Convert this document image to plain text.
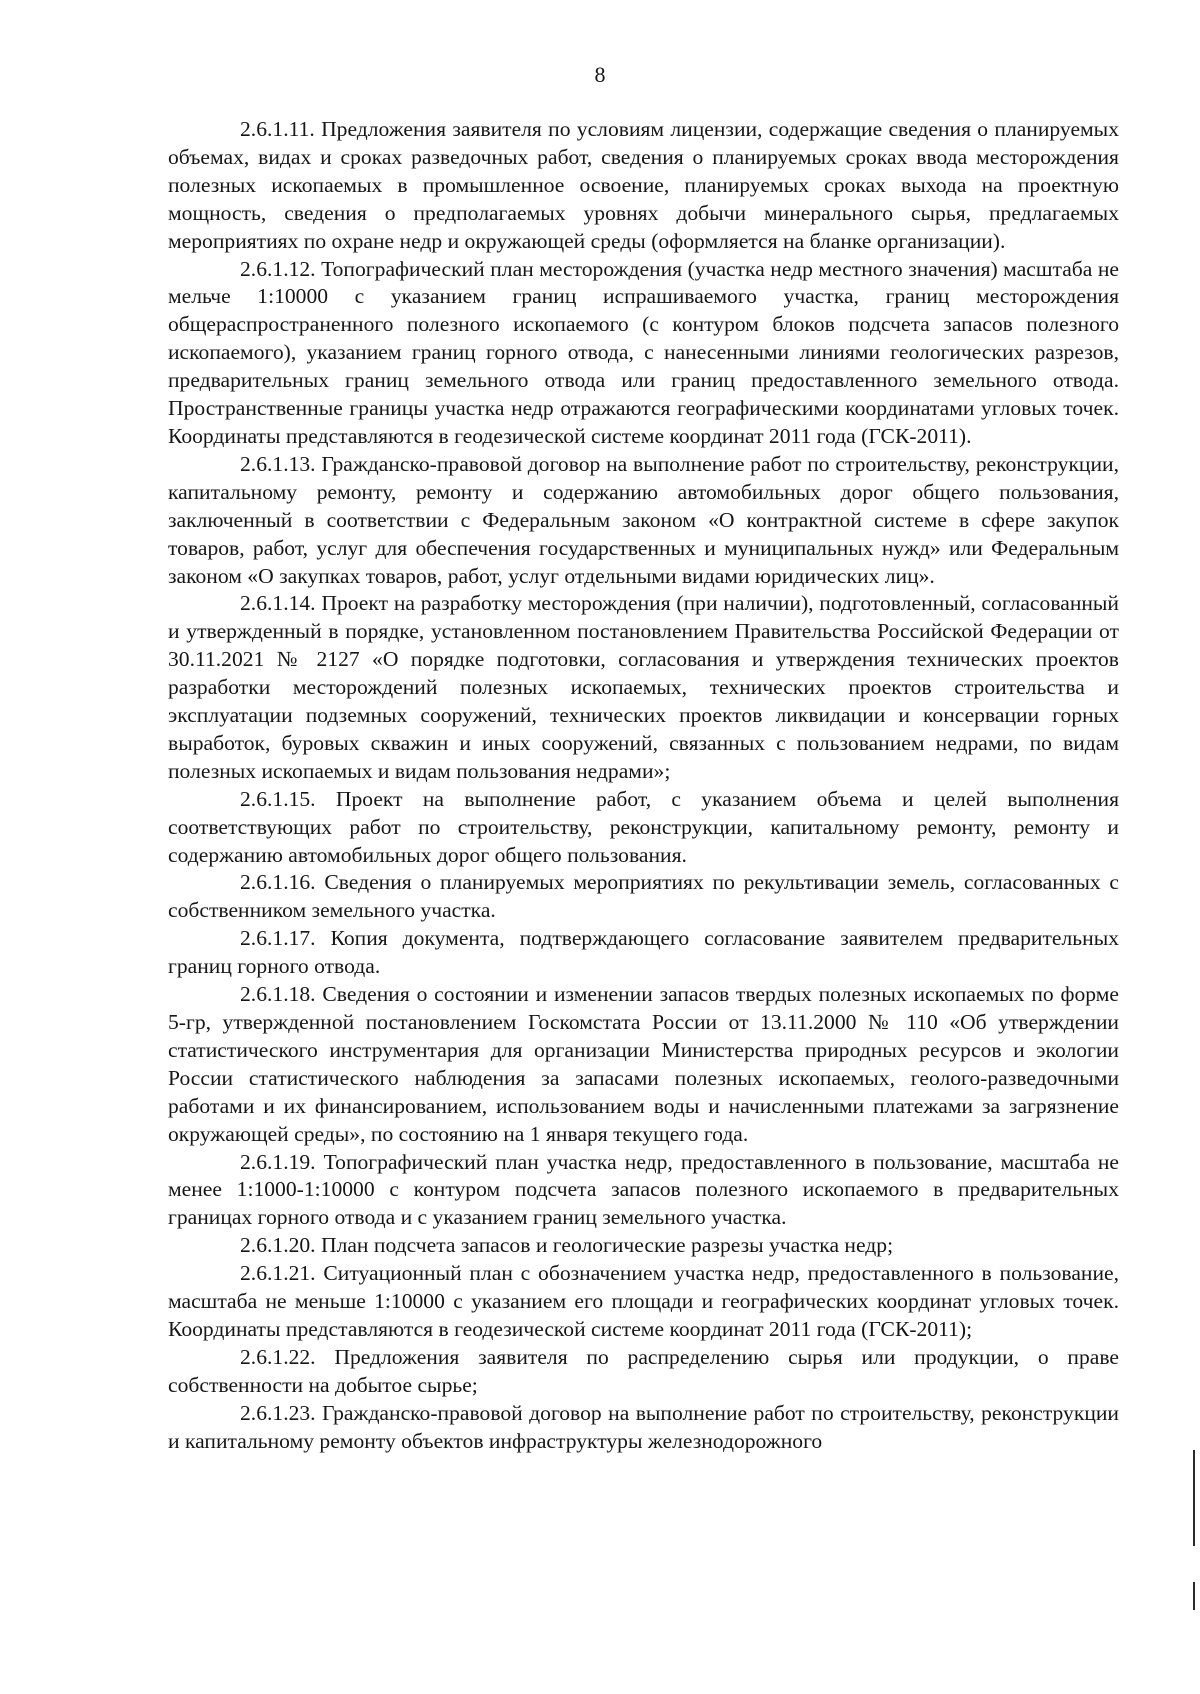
8

2.6.1.11. Предложения заявителя по условиям лицензии, содержащие сведения о планируемых объемах, видах и сроках разведочных работ, сведения о планируемых сроках ввода месторождения полезных ископаемых в промышленное освоение, планируемых сроках выхода на проектную мощность, сведения о предполагаемых уровнях добычи минерального сырья, предлагаемых мероприятиях по охране недр и окружающей среды (оформляется на бланке организации).

2.6.1.12. Топографический план месторождения (участка недр местного значения) масштаба не мельче 1:10000 с указанием границ испрашиваемого участка, границ месторождения общераспространенного полезного ископаемого (с контуром блоков подсчета запасов полезного ископаемого), указанием границ горного отвода, с нанесенными линиями геологических разрезов, предварительных границ земельного отвода или границ предоставленного земельного отвода. Пространственные границы участка недр отражаются географическими координатами угловых точек. Координаты представляются в геодезической системе координат 2011 года (ГСК-2011).

2.6.1.13. Гражданско-правовой договор на выполнение работ по строительству, реконструкции, капитальному ремонту, ремонту и содержанию автомобильных дорог общего пользования, заключенный в соответствии с Федеральным законом «О контрактной системе в сфере закупок товаров, работ, услуг для обеспечения государственных и муниципальных нужд» или Федеральным законом «О закупках товаров, работ, услуг отдельными видами юридических лиц».

2.6.1.14. Проект на разработку месторождения (при наличии), подготовленный, согласованный и утвержденный в порядке, установленном постановлением Правительства Российской Федерации от 30.11.2021 № 2127 «О порядке подготовки, согласования и утверждения технических проектов разработки месторождений полезных ископаемых, технических проектов строительства и эксплуатации подземных сооружений, технических проектов ликвидации и консервации горных выработок, буровых скважин и иных сооружений, связанных с пользованием недрами, по видам полезных ископаемых и видам пользования недрами»;

2.6.1.15. Проект на выполнение работ, с указанием объема и целей выполнения соответствующих работ по строительству, реконструкции, капитальному ремонту, ремонту и содержанию автомобильных дорог общего пользования.

2.6.1.16. Сведения о планируемых мероприятиях по рекультивации земель, согласованных с собственником земельного участка.

2.6.1.17. Копия документа, подтверждающего согласование заявителем предварительных границ горного отвода.

2.6.1.18. Сведения о состоянии и изменении запасов твердых полезных ископаемых по форме 5-гр, утвержденной постановлением Госкомстата России от 13.11.2000 № 110 «Об утверждении статистического инструментария для организации Министерства природных ресурсов и экологии России статистического наблюдения за запасами полезных ископаемых, геолого-разведочными работами и их финансированием, использованием воды и начисленными платежами за загрязнение окружающей среды», по состоянию на 1 января текущего года.

2.6.1.19. Топографический план участка недр, предоставленного в пользование, масштаба не менее 1:1000-1:10000 с контуром подсчета запасов полезного ископаемого в предварительных границах горного отвода и с указанием границ земельного участка.

2.6.1.20. План подсчета запасов и геологические разрезы участка недр;

2.6.1.21. Ситуационный план с обозначением участка недр, предоставленного в пользование, масштаба не меньше 1:10000 с указанием его площади и географических координат угловых точек. Координаты представляются в геодезической системе координат 2011 года (ГСК-2011);

2.6.1.22. Предложения заявителя по распределению сырья или продукции, о праве собственности на добытое сырье;

2.6.1.23. Гражданско-правовой договор на выполнение работ по строительству, реконструкции и капитальному ремонту объектов инфраструктуры железнодорожного
